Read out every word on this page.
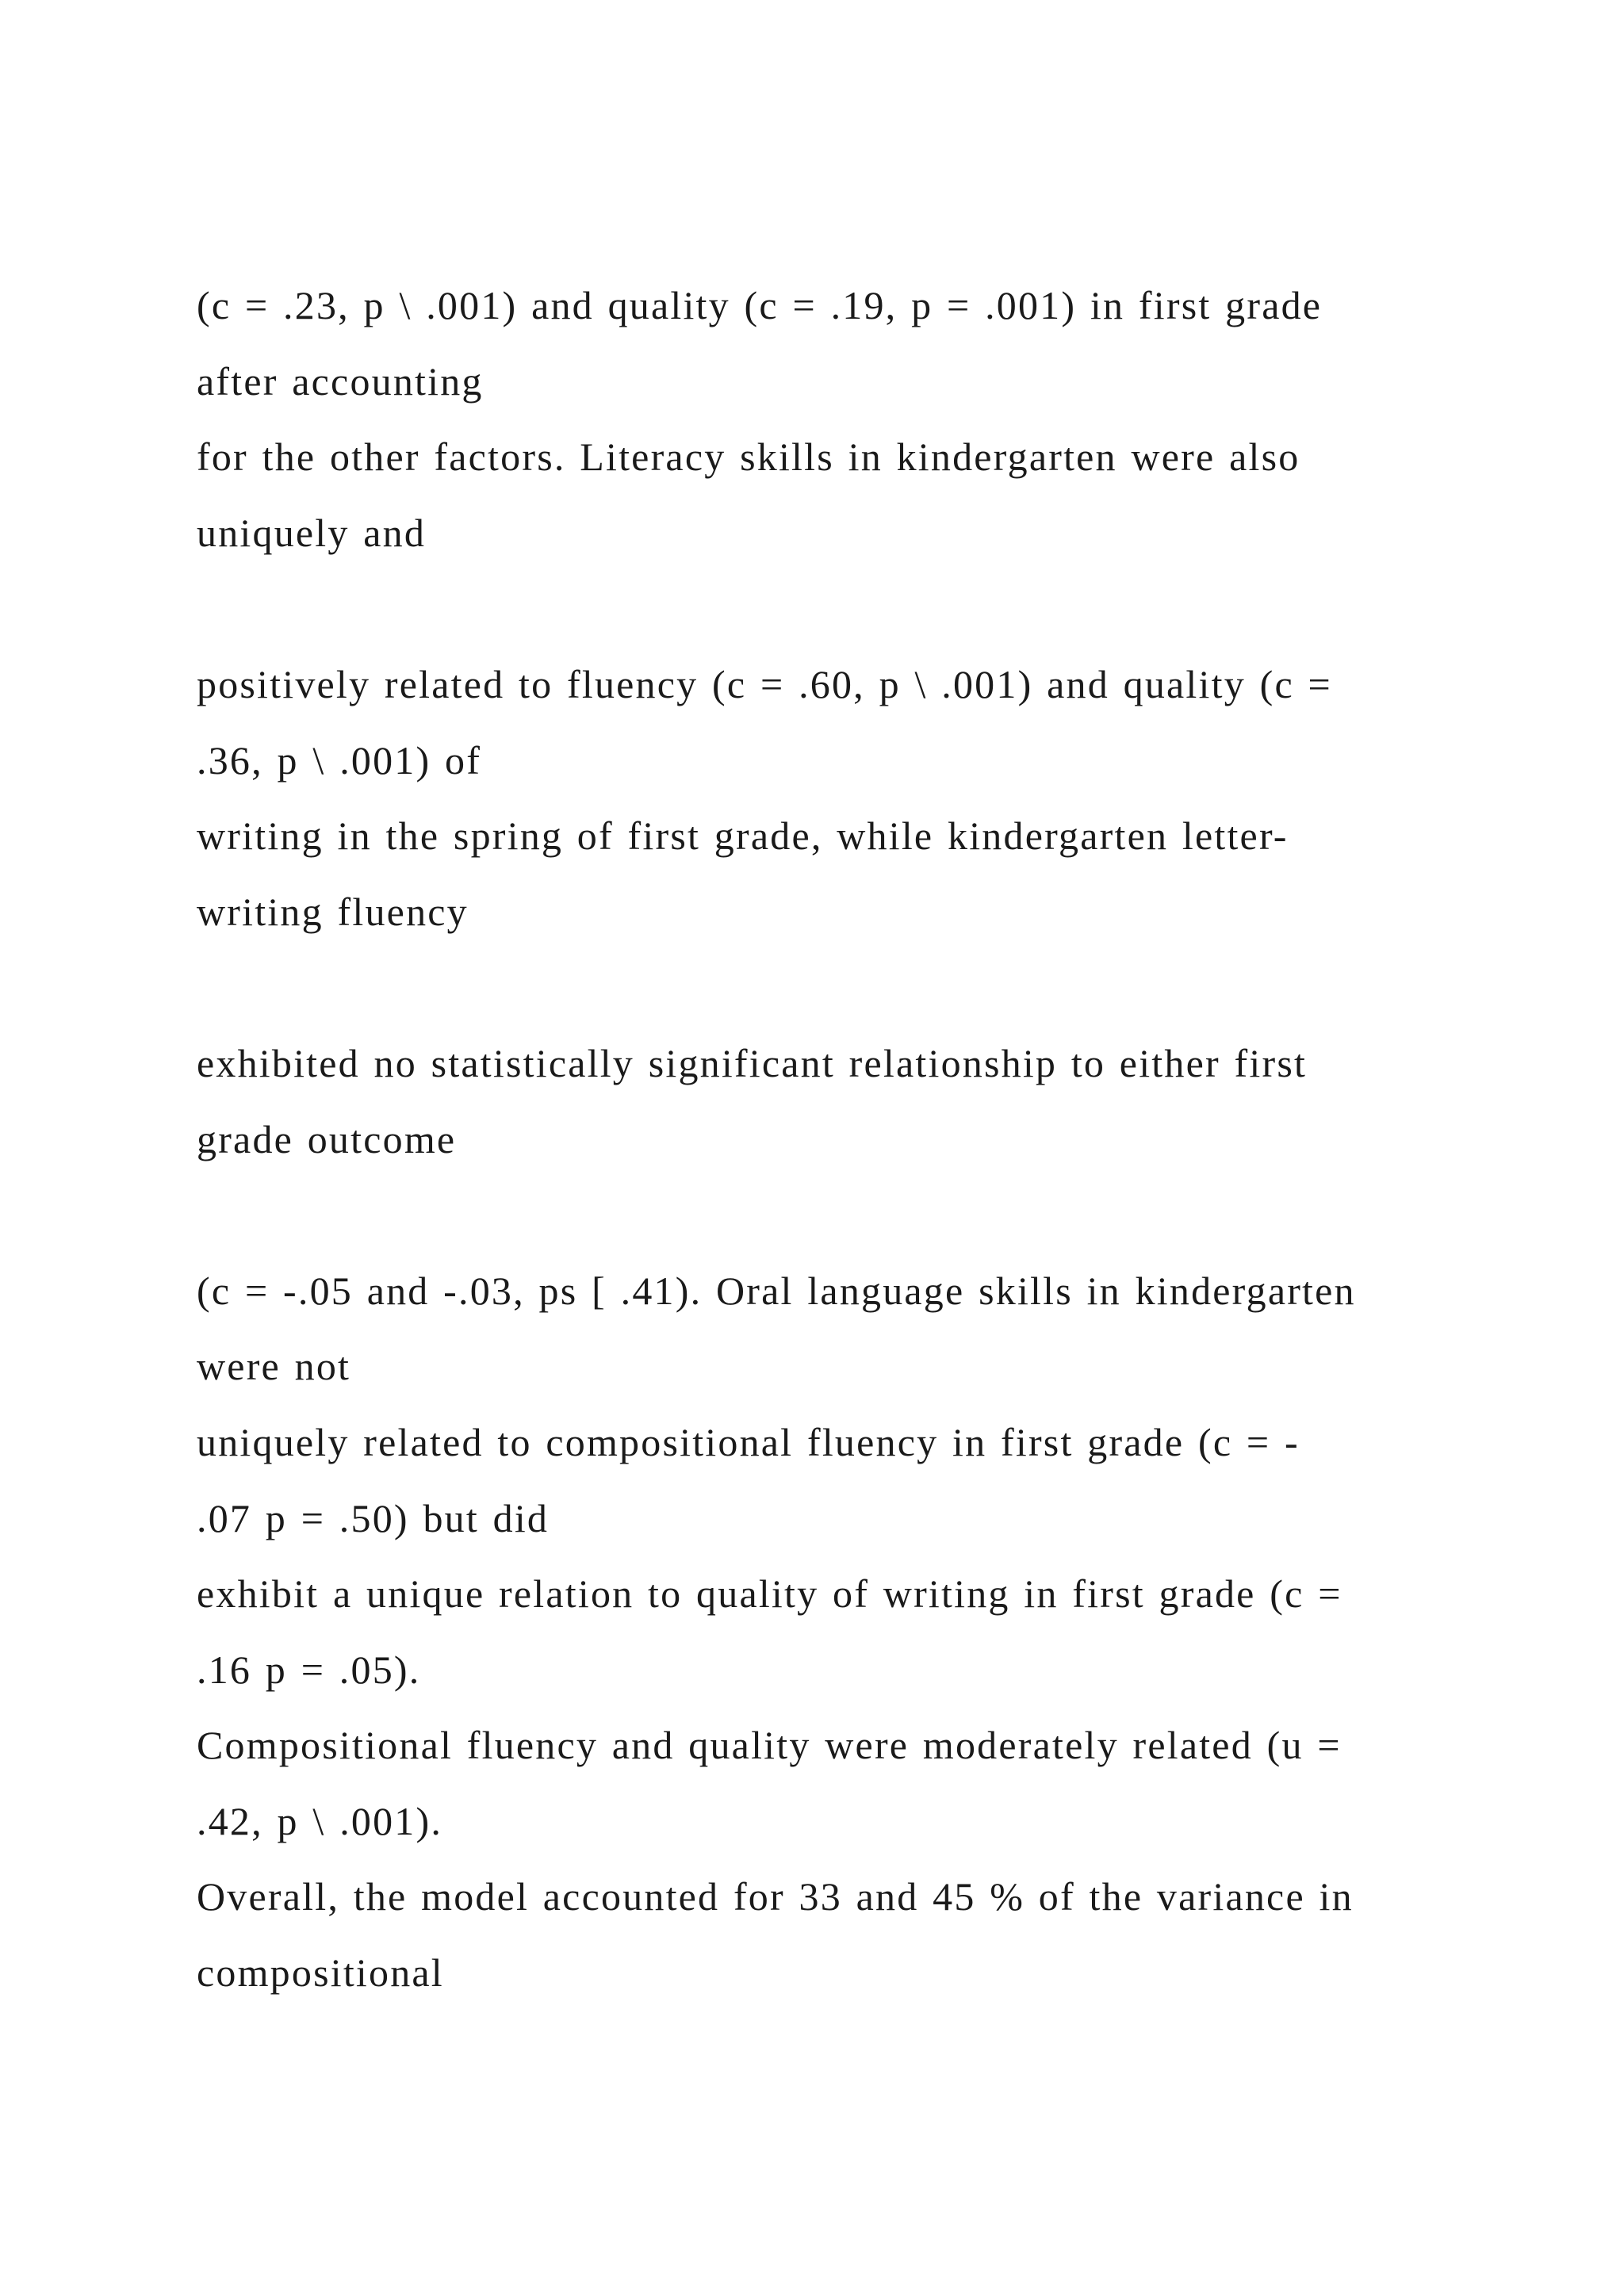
(c = .23, p \ .001) and quality (c = .19, p = .001) in first grade
after accounting
for the other factors. Literacy skills in kindergarten were also
uniquely and
positively related to fluency (c = .60, p \ .001) and quality (c =
.36, p \ .001) of
writing in the spring of first grade, while kindergarten letter-
writing fluency
exhibited no statistically significant relationship to either first
grade outcome
(c = -.05 and -.03, ps [ .41). Oral language skills in kindergarten
were not
uniquely related to compositional fluency in first grade (c = -
.07 p = .50) but did
exhibit a unique relation to quality of writing in first grade (c =
.16 p = .05).
Compositional fluency and quality were moderately related (u =
.42, p \ .001).
Overall, the model accounted for 33 and 45 % of the variance in
compositional
